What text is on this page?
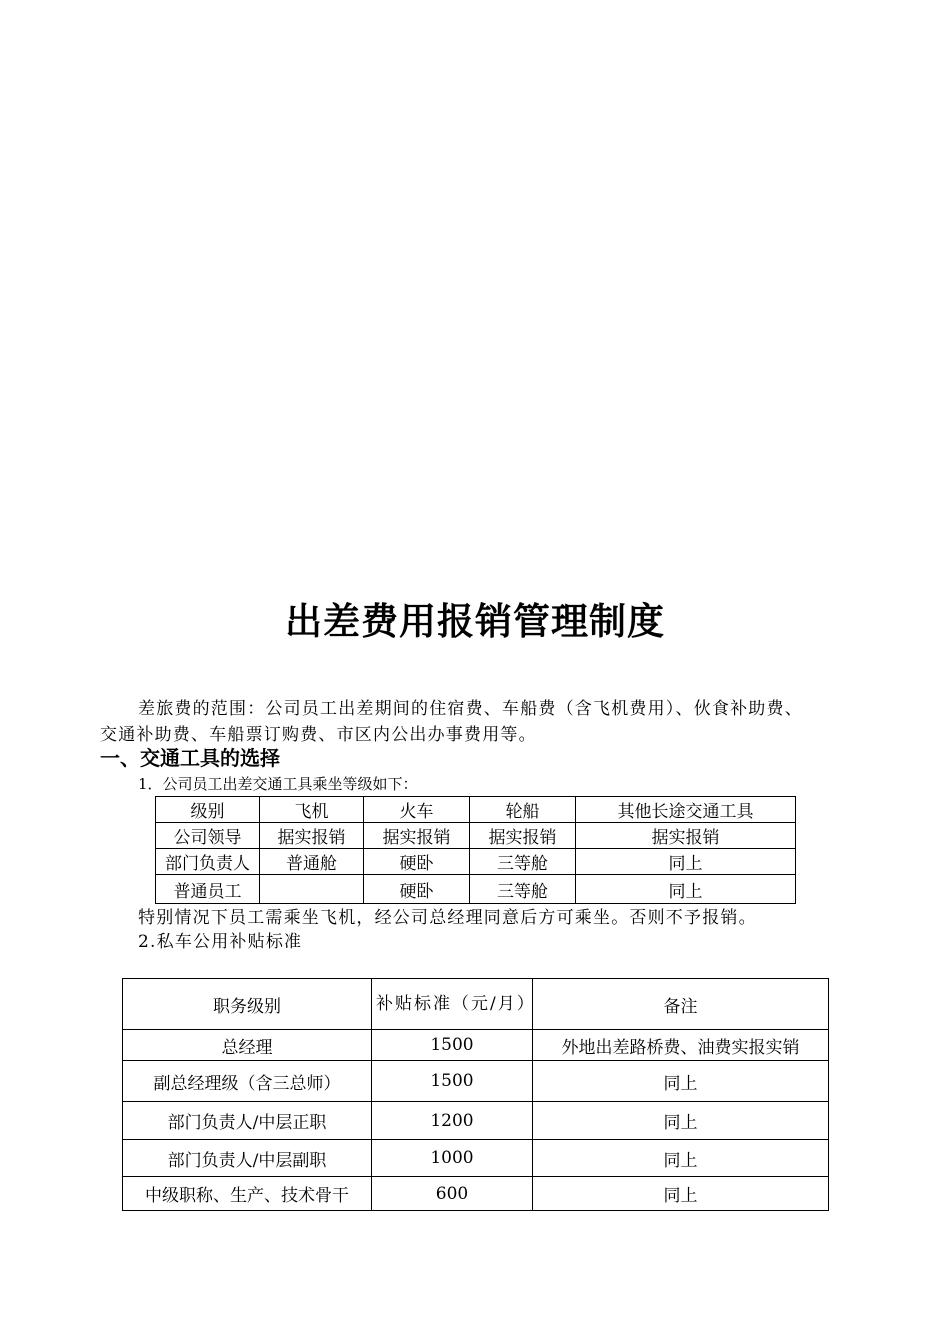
出差费用报销管理制度
差旅费的范围：公司员工出差期间的住宿费、车船费（含飞机费用）、伙食补助费、
交通补助费、车船票订购费、市区内公出办事费用等。
一、交通工具的选择
1．公司员工出差交通工具乘坐等级如下：
级别	飞机	火车	轮船	其他长途交通工具
公司领导	据实报销	据实报销	据实报销	据实报销
部门负责人	普通舱	硬卧	三等舱	同上
普通员工		硬卧	三等舱	同上
特别情况下员工需乘坐飞机，经公司总经理同意后方可乘坐。否则不予报销。
2.私车公用补贴标准
职务级别	补贴标准（元/月）	备注
总经理	1500	外地出差路桥费、油费实报实销
副总经理级（含三总师）	1500	同上
部门负责人/中层正职	1200	同上
部门负责人/中层副职	1000	同上
中级职称、生产、技术骨干	600	同上
